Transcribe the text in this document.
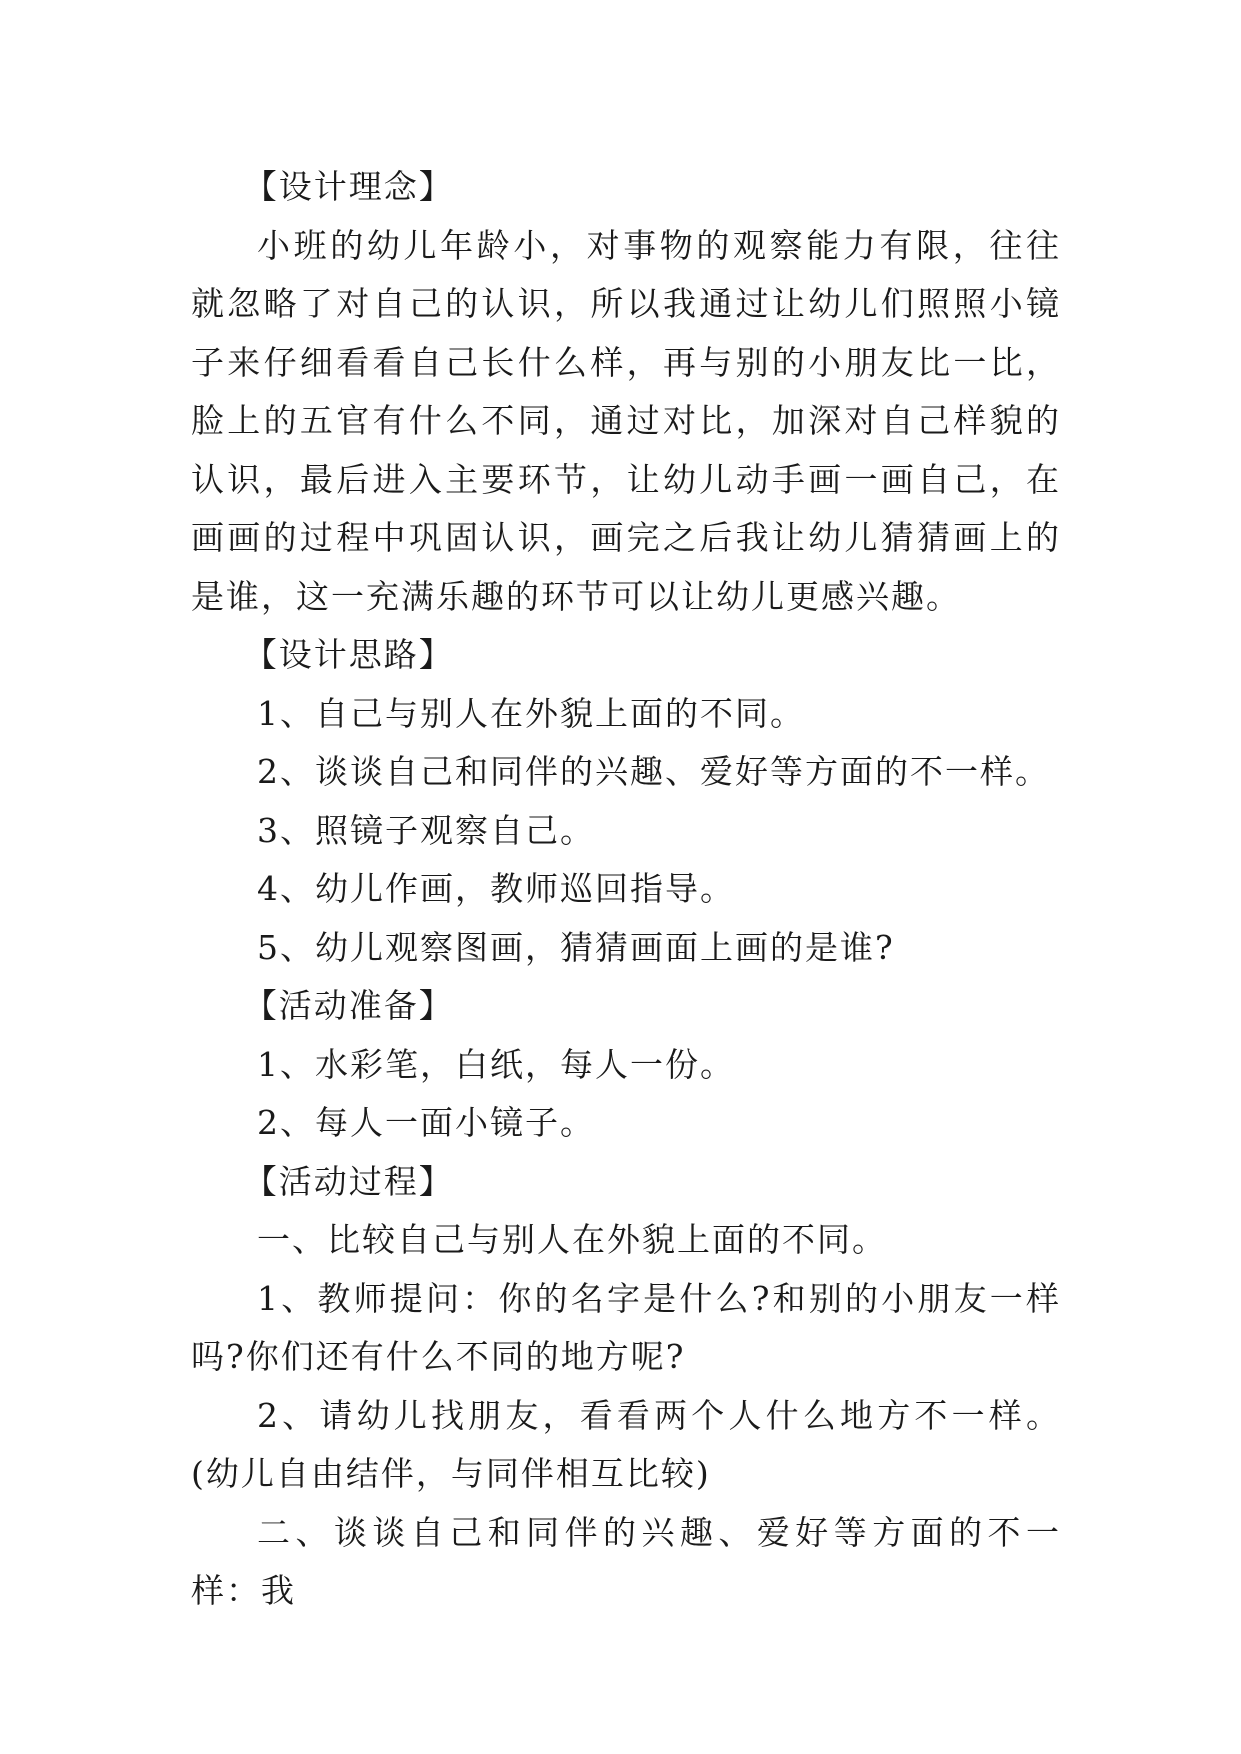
【设计理念】

小班的幼儿年龄小，对事物的观察能力有限，往往就忽略了对自己的认识，所以我通过让幼儿们照照小镜子来仔细看看自己长什么样，再与别的小朋友比一比，脸上的五官有什么不同，通过对比，加深对自己样貌的认识，最后进入主要环节，让幼儿动手画一画自己，在画画的过程中巩固认识，画完之后我让幼儿猜猜画上的是谁，这一充满乐趣的环节可以让幼儿更感兴趣。

【设计思路】

1、自己与别人在外貌上面的不同。

2、谈谈自己和同伴的兴趣、爱好等方面的不一样。

3、照镜子观察自己。

4、幼儿作画，教师巡回指导。

5、幼儿观察图画，猜猜画面上画的是谁?

【活动准备】

1、水彩笔，白纸，每人一份。

2、每人一面小镜子。

【活动过程】

一、比较自己与别人在外貌上面的不同。

1、教师提问：你的名字是什么?和别的小朋友一样吗?你们还有什么不同的地方呢?

2、请幼儿找朋友，看看两个人什么地方不一样。(幼儿自由结伴，与同伴相互比较)

二、谈谈自己和同伴的兴趣、爱好等方面的不一样：我
